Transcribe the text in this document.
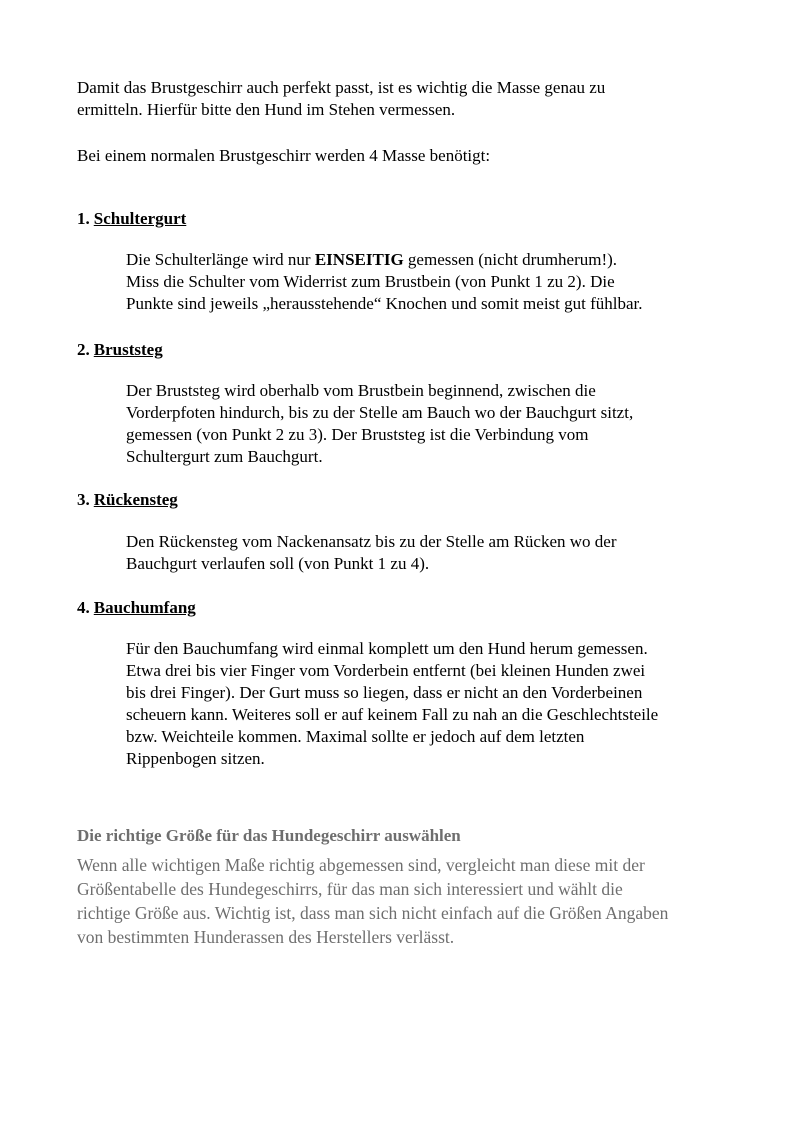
Damit das Brustgeschirr auch perfekt passt, ist es wichtig die Masse genau zu
ermitteln. Hierfür bitte den Hund im Stehen vermessen.

Bei einem normalen Brustgeschirr werden 4 Masse benötigt:

1. Schultergurt

Die Schulterlänge wird nur EINSEITIG gemessen (nicht drumherum!).
Miss die Schulter vom Widerrist zum Brustbein (von Punkt 1 zu 2). Die
Punkte sind jeweils „herausstehende“ Knochen und somit meist gut fühlbar.

2. Bruststeg

Der Bruststeg wird oberhalb vom Brustbein beginnend, zwischen die
Vorderpfoten hindurch, bis zu der Stelle am Bauch wo der Bauchgurt sitzt,
gemessen (von Punkt 2 zu 3). Der Bruststeg ist die Verbindung vom
Schultergurt zum Bauchgurt.

3. Rückensteg

Den Rückensteg vom Nackenansatz bis zu der Stelle am Rücken wo der
Bauchgurt verlaufen soll (von Punkt 1 zu 4).

4. Bauchumfang

Für den Bauchumfang wird einmal komplett um den Hund herum gemessen.
Etwa drei bis vier Finger vom Vorderbein entfernt (bei kleinen Hunden zwei
bis drei Finger). Der Gurt muss so liegen, dass er nicht an den Vorderbeinen
scheuern kann. Weiteres soll er auf keinem Fall zu nah an die Geschlechtsteile
bzw. Weichteile kommen. Maximal sollte er jedoch auf dem letzten
Rippenbogen sitzen.

Die richtige Größe für das Hundegeschirr auswählen

Wenn alle wichtigen Maße richtig abgemessen sind, vergleicht man diese mit der
Größentabelle des Hundegeschirrs, für das man sich interessiert und wählt die
richtige Größe aus. Wichtig ist, dass man sich nicht einfach auf die Größen Angaben
von bestimmten Hunderassen des Herstellers verlässt.
